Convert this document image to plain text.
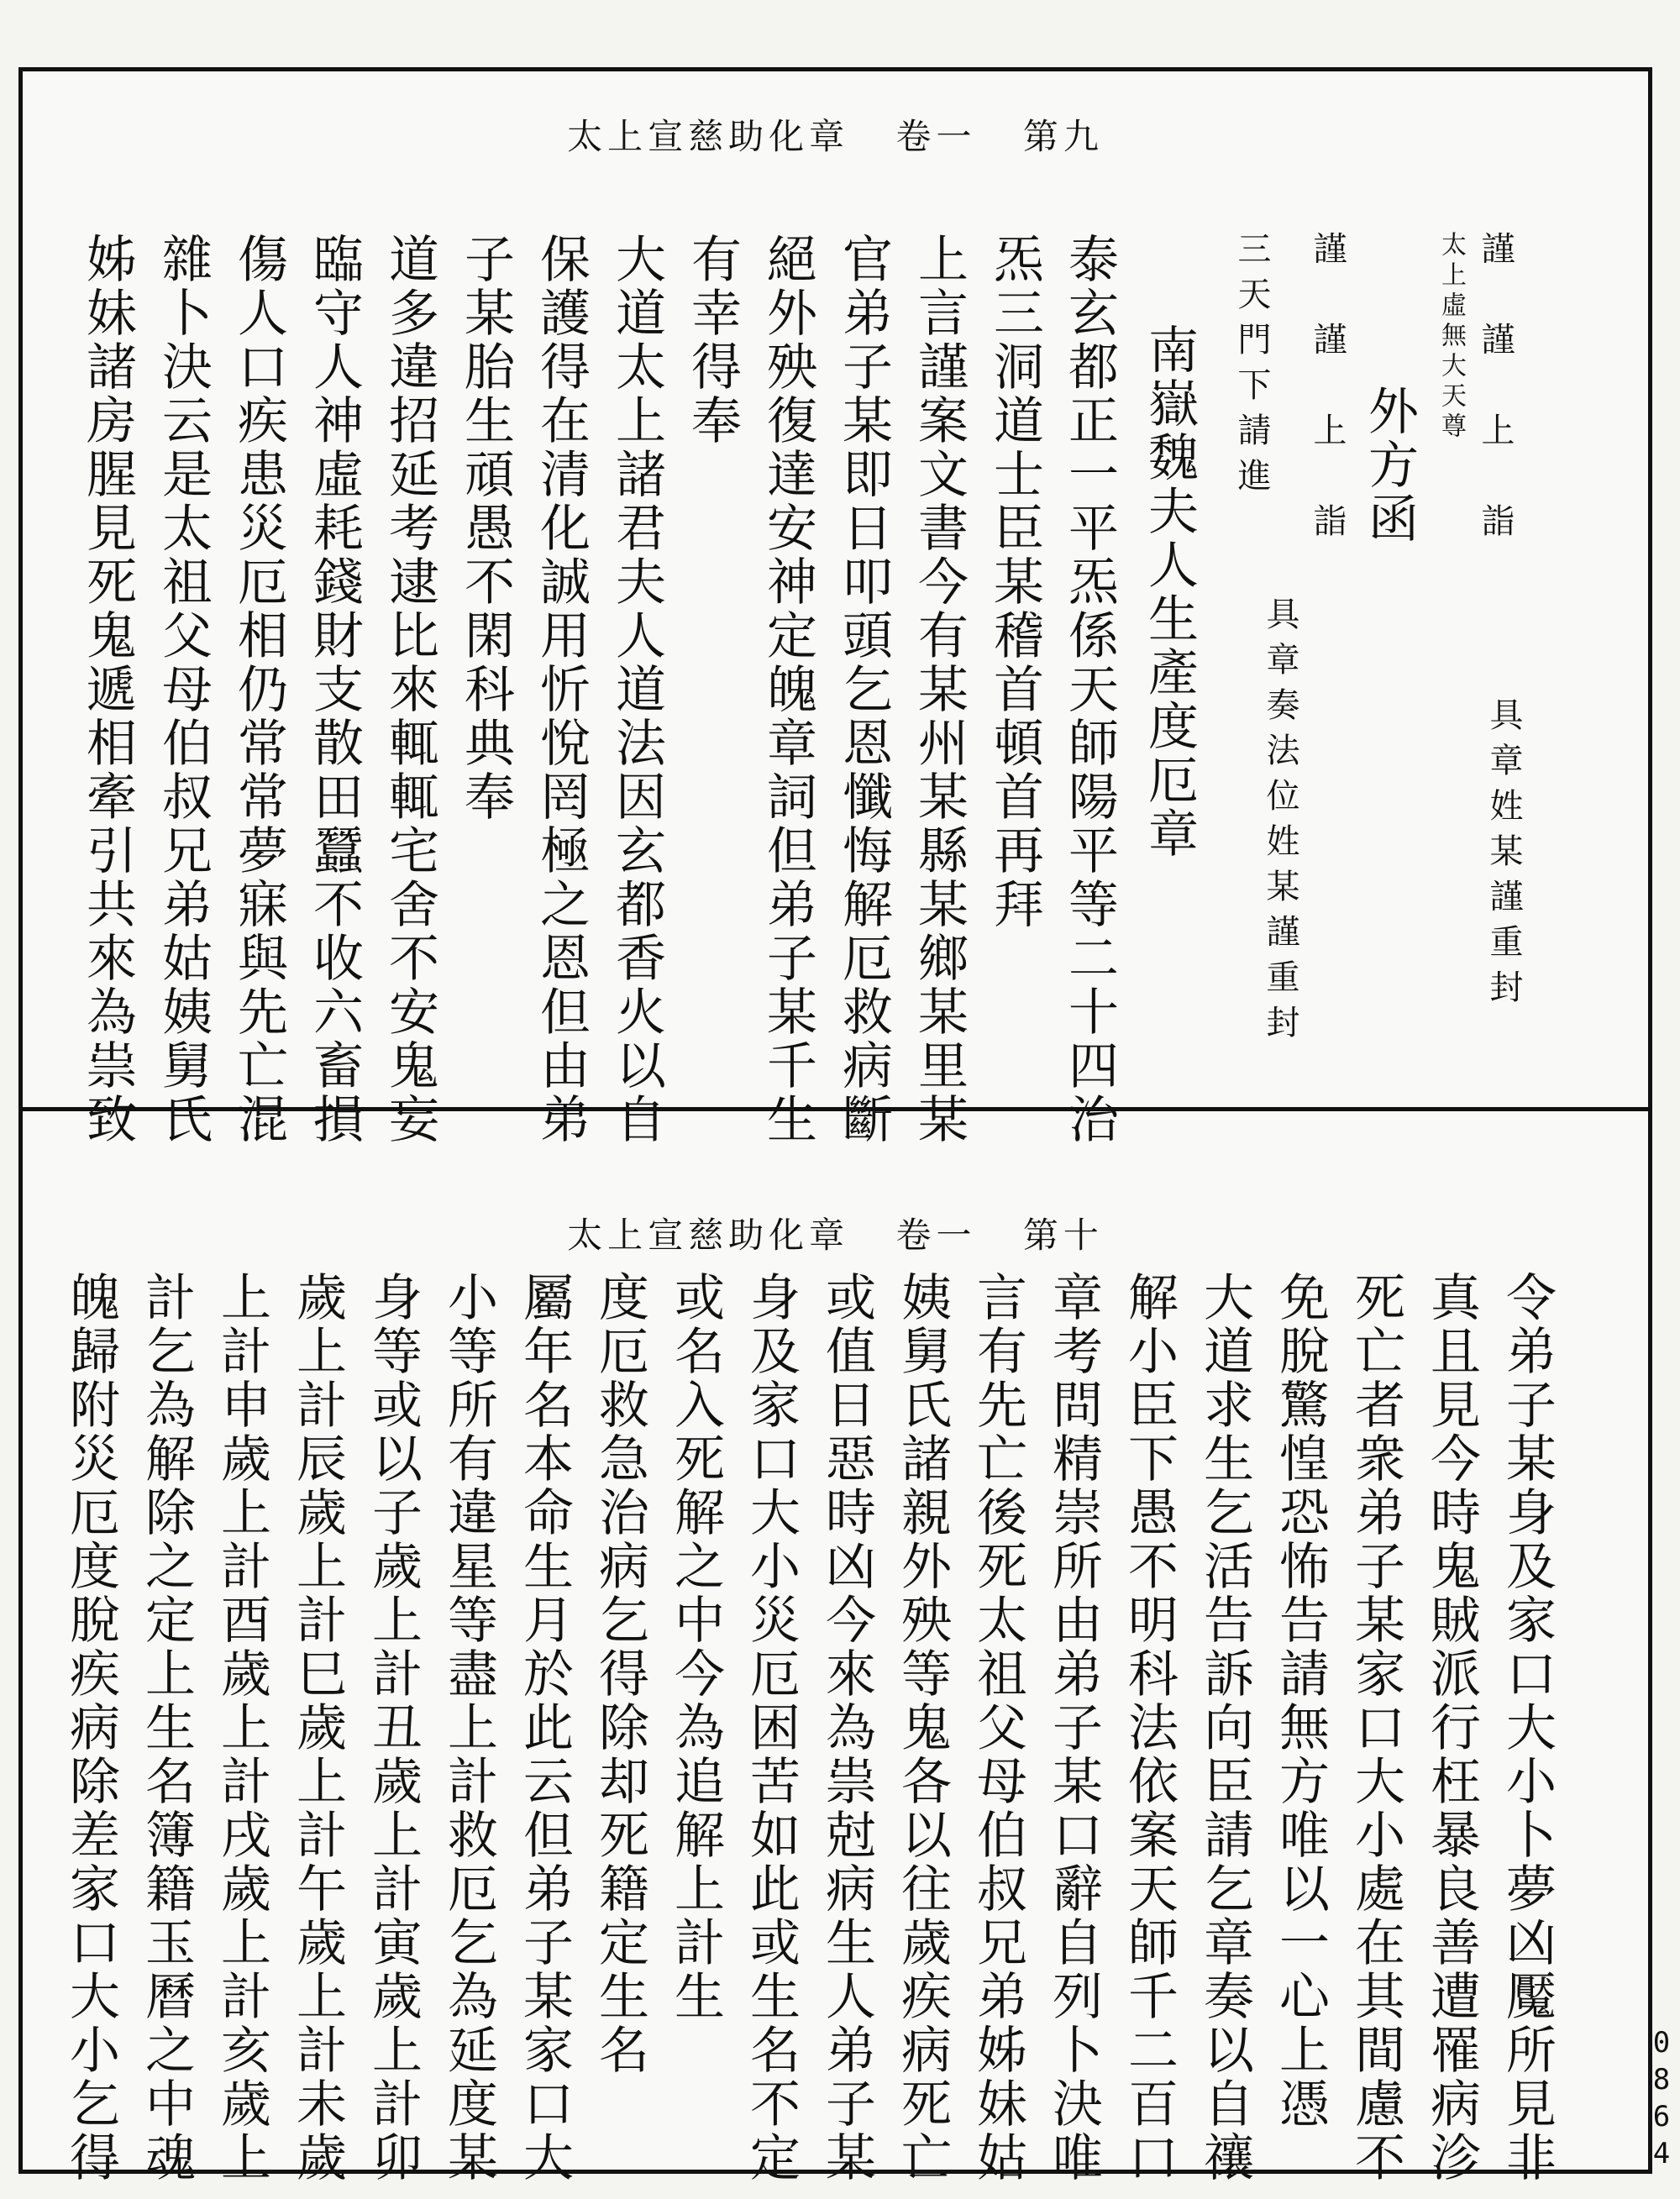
太上宣慈助化章 卷一 第九
謹　謹　上　詣
太上虛無大天尊
具章姓某謹重封
外方函
謹　謹　上　詣
具章奏法位姓某謹重封
三天門下請進
南嶽魏夫人生產度厄章
泰玄都正一平炁係天師陽平等二十四治
炁三洞道士臣某稽首頓首再拜
上言謹案文書今有某州某縣某鄉某里某
官弟子某即日叩頭乞恩懺悔解厄救病斷
絕外殃復達安神定魄章詞但弟子某千生
有幸得奉
大道太上諸君夫人道法因玄都香火以自
保護得在清化誠用忻悅罔極之恩但由弟
子某胎生頑愚不閑科典奉
道多違招延考逮比來輒輒宅舍不安鬼妄
臨守人神虛耗錢財支散田蠶不收六畜損
傷人口疾患災厄相仍常常夢寐與先亡混
雜卜決云是太祖父母伯叔兄弟姑姨舅氏
姊妹諸房腥見死鬼遞相牽引共來為祟致
太上宣慈助化章 卷一 第十
令弟子某身及家口大小卜夢凶魘所見非
真且見今時鬼賊派行枉暴良善遭罹病沴
死亡者衆弟子某家口大小處在其間慮不
免脫驚惶恐怖告請無方唯以一心上憑
大道求生乞活告訴向臣請乞章奏以自禳
解小臣下愚不明科法依案天師千二百口
章考問精崇所由弟子某口辭自列卜決唯
言有先亡後死太祖父母伯叔兄弟姊妹姑
姨舅氏諸親外殃等鬼各以往歲疾病死亡
或值日惡時凶今來為祟尅病生人弟子某
身及家口大小災厄困苦如此或生名不定
或名入死解之中今為追解上計生
度厄救急治病乞得除却死籍定生名
屬年名本命生月於此云但弟子某家口大
小等所有違星等盡上計救厄乞為延度某
身等或以子歲上計丑歲上計寅歲上計卯
歲上計辰歲上計巳歲上計午歲上計未歲
上計申歲上計酉歲上計戌歲上計亥歲上
計乞為解除之定上生名簿籍玉曆之中魂
魄歸附災厄度脫疾病除差家口大小乞得	0864
